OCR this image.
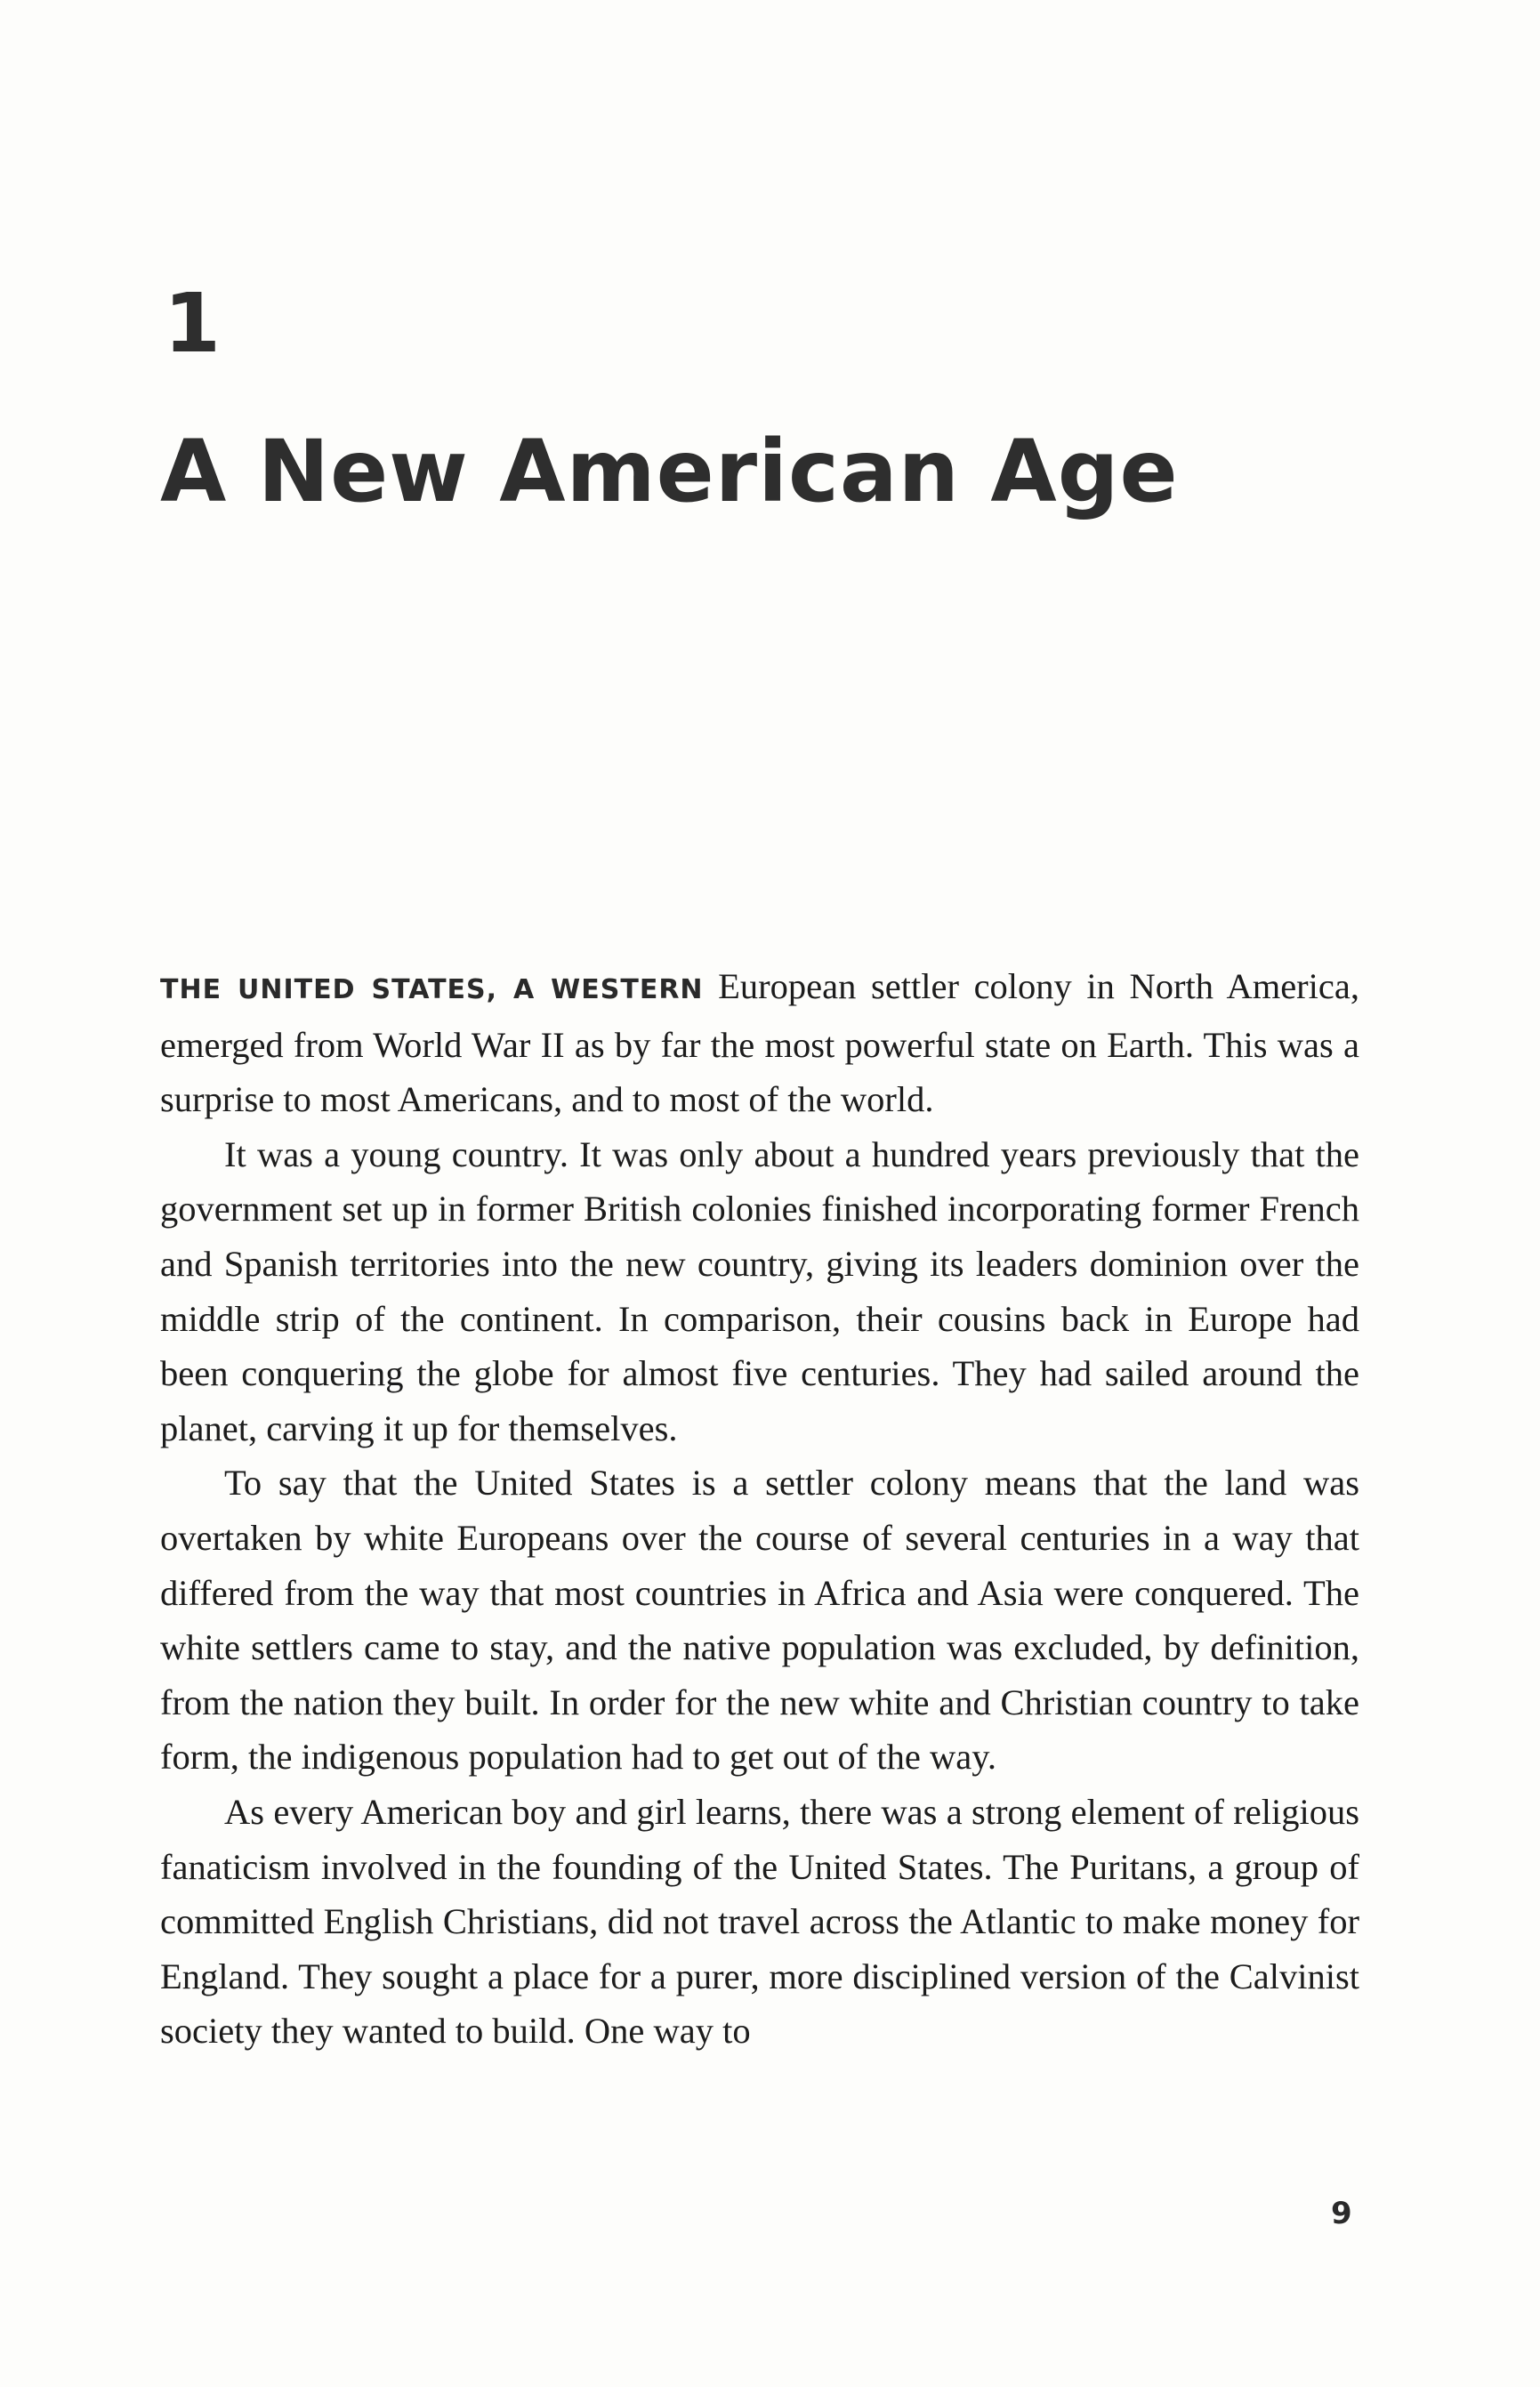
1
A New American Age

THE UNITED STATES, A WESTERN European settler colony in North America, emerged from World War II as by far the most powerful state on Earth. This was a surprise to most Americans, and to most of the world.

It was a young country. It was only about a hundred years previously that the government set up in former British colonies finished incorporating former French and Spanish territories into the new country, giving its leaders dominion over the middle strip of the continent. In comparison, their cousins back in Europe had been conquering the globe for almost five centuries. They had sailed around the planet, carving it up for themselves.

To say that the United States is a settler colony means that the land was overtaken by white Europeans over the course of several centuries in a way that differed from the way that most countries in Africa and Asia were conquered. The white settlers came to stay, and the native population was excluded, by definition, from the nation they built. In order for the new white and Christian country to take form, the indigenous population had to get out of the way.

As every American boy and girl learns, there was a strong element of religious fanaticism involved in the founding of the United States. The Puritans, a group of committed English Christians, did not travel across the Atlantic to make money for England. They sought a place for a purer, more disciplined version of the Calvinist society they wanted to build. One way to

9
